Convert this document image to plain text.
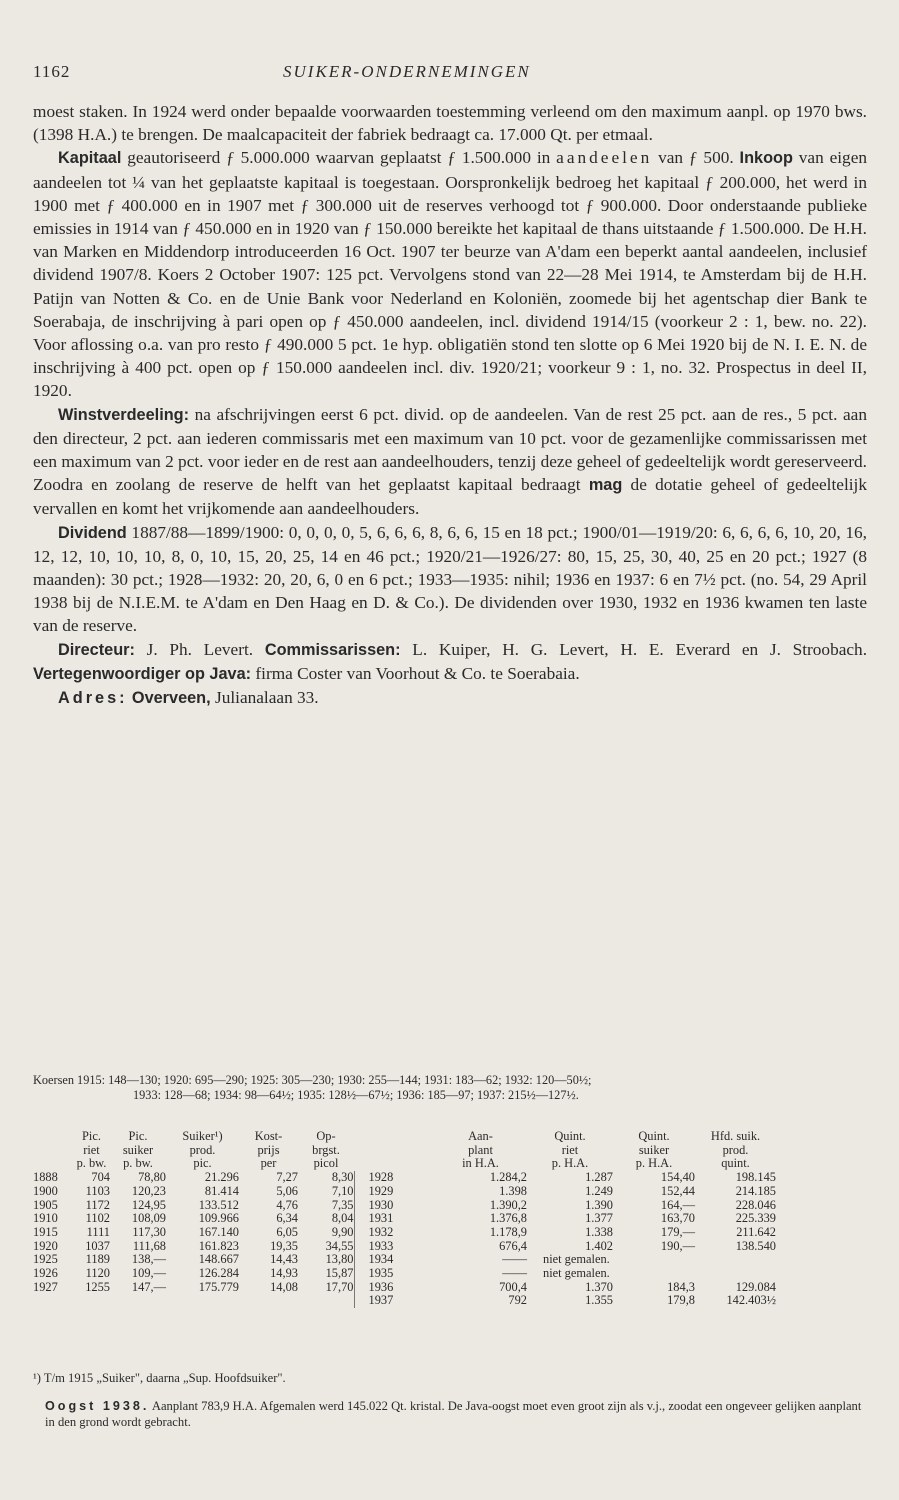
1162	SUIKER-ONDERNEMINGEN

moest staken. In 1924 werd onder bepaalde voorwaarden toestemming verleend om den maximum aanpl. op 1970 bws. (1398 H.A.) te brengen. De maalcapaciteit der fabriek bedraagt ca. 17.000 Qt. per etmaal.

Kapitaal geautoriseerd ƒ 5.000.000 waarvan geplaatst ƒ 1.500.000 in aandeelen van ƒ 500. Inkoop van eigen aandeelen tot ¼ van het geplaatste kapitaal is toegestaan. Oorspronkelijk bedroeg het kapitaal ƒ 200.000, het werd in 1900 met ƒ 400.000 en in 1907 met ƒ 300.000 uit de reserves verhoogd tot ƒ 900.000. Door onderstaande publieke emissies in 1914 van ƒ 450.000 en in 1920 van ƒ 150.000 bereikte het kapitaal de thans uitstaande ƒ 1.500.000. De H.H. van Marken en Middendorp introduceerden 16 Oct. 1907 ter beurze van A'dam een beperkt aantal aandeelen, inclusief dividend 1907/8. Koers 2 October 1907: 125 pct. Vervolgens stond van 22—28 Mei 1914, te Amsterdam bij de H.H. Patijn van Notten & Co. en de Unie Bank voor Nederland en Koloniën, zoomede bij het agentschap dier Bank te Soerabaja, de inschrijving à pari open op ƒ 450.000 aandeelen, incl. dividend 1914/15 (voorkeur 2 : 1, bew. no. 22). Voor aflossing o.a. van pro resto ƒ 490.000 5 pct. 1e hyp. obligatiën stond ten slotte op 6 Mei 1920 bij de N. I. E. N. de inschrijving à 400 pct. open op ƒ 150.000 aandeelen incl. div. 1920/21; voorkeur 9 : 1, no. 32. Prospectus in deel II, 1920.

Winstverdeeling: na afschrijvingen eerst 6 pct. divid. op de aandeelen. Van de rest 25 pct. aan de res., 5 pct. aan den directeur, 2 pct. aan iederen commissaris met een maximum van 10 pct. voor de gezamenlijke commissarissen met een maximum van 2 pct. voor ieder en de rest aan aandeelhouders, tenzij deze geheel of gedeeltelijk wordt gereserveerd. Zoodra en zoolang de reserve de helft van het geplaatst kapitaal bedraagt mag de dotatie geheel of gedeeltelijk vervallen en komt het vrijkomende aan aandeelhouders.

Dividend 1887/88—1899/1900: 0, 0, 0, 0, 5, 6, 6, 6, 8, 6, 6, 15 en 18 pct.; 1900/01—1919/20: 6, 6, 6, 6, 10, 20, 16, 12, 12, 10, 10, 10, 8, 0, 10, 15, 20, 25, 14 en 46 pct.; 1920/21—1926/27: 80, 15, 25, 30, 40, 25 en 20 pct.; 1927 (8 maanden): 30 pct.; 1928—1932: 20, 20, 6, 0 en 6 pct.; 1933—1935: nihil; 1936 en 1937: 6 en 7½ pct. (no. 54, 29 April 1938 bij de N.I.E.M. te A'dam en Den Haag en D. & Co.). De dividenden over 1930, 1932 en 1936 kwamen ten laste van de reserve.

Directeur: J. Ph. Levert. Commissarissen: L. Kuiper, H. G. Levert, H. E. Everard en J. Stroobach. Vertegenwoordiger op Java: firma Coster van Voorhout & Co. te Soerabaia.

Adres: Overveen, Julianalaan 33.

Koersen 1915: 148—130; 1920: 695—290; 1925: 305—230; 1930: 255—144; 1931: 183—62; 1932: 120—50½;
1933: 128—68; 1934: 98—64½; 1935: 128½—67½; 1936: 185—97; 1937: 215½—127½.
	Pic.	Pic.	Suiker¹)	Kost-	Op-		Aan-	Quint.	Quint.	Hfd. suik.
	riet	suiker	prod.	prijs	brgst.		plant	riet	suiker	prod.
	p. bw.	p. bw.	pic.	per	picol		in H.A.	p. H.A.	p. H.A.	quint.
1888	704	78,80	21.296	7,27	8,30	1928	1.284,2	1.287	154,40	198.145
1900	1103	120,23	81.414	5,06	7,10	1929	1.398	1.249	152,44	214.185
1905	1172	124,95	133.512	4,76	7,35	1930	1.390,2	1.390	164,—	228.046
1910	1102	108,09	109.966	6,34	8,04	1931	1.376,8	1.377	163,70	225.339
1915	1111	117,30	167.140	6,05	9,90	1932	1.178,9	1.338	179,—	211.642
1920	1037	111,68	161.823	19,35	34,55	1933	676,4	1.402	190,—	138.540
1925	1189	138,—	148.667	14,43	13,80	1934	——	niet gemalen.		
1926	1120	109,—	126.284	14,93	15,87	1935	——	niet gemalen.		
1927	1255	147,—	175.779	14,08	17,70	1936	700,4	1.370	184,3	129.084
						1937	792	1.355	179,8	142.403½
¹) T/m 1915 „Suiker", daarna „Sup. Hoofdsuiker".
Oogst 1938. Aanplant 783,9 H.A. Afgemalen werd 145.022 Qt. kristal. De Java-oogst moet even groot zijn als v.j., zoodat een ongeveer gelijken aanplant in den grond wordt gebracht.
